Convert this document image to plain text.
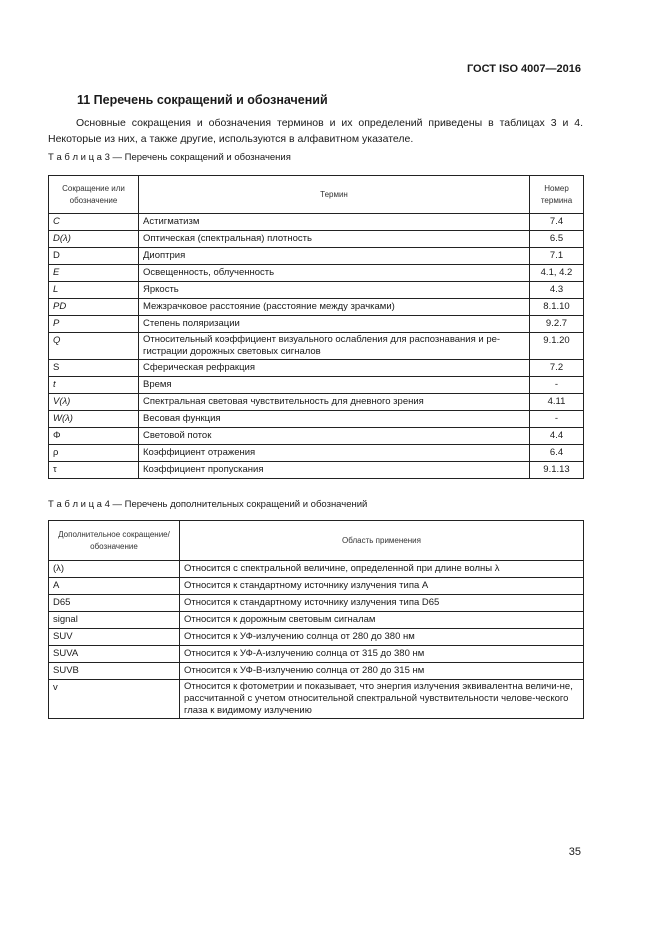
ГОСТ ISO 4007—2016
11 Перечень сокращений и обозначений

Основные сокращения и обозначения терминов и их определений приведены в таблицах 3 и 4. Некоторые из них, а также другие, используются в алфавитном указателе.

Т а б л и ц а 3 — Перечень сокращений и обозначения

Сокращение или обозначение	Термин	Номер термина
C	Астигматизм	7.4
D(λ)	Оптическая (спектральная) плотность	6.5
D	Диоптрия	7.1
E	Освещенность, облученность	4.1, 4.2
L	Яркость	4.3
PD	Межзрачковое расстояние (расстояние между зрачками)	8.1.10
P	Степень поляризации	9.2.7
Q	Относительный коэффициент визуального ослабления для распознавания и ре-гистрации дорожных световых сигналов	9.1.20
S	Сферическая рефракция	7.2
t	Время	-
V(λ)	Спектральная световая чувствительность для дневного зрения	4.11
W(λ)	Весовая функция	-
Φ	Световой поток	4.4
ρ	Коэффициент отражения	6.4
τ	Коэффициент пропускания	9.1.13

Т а б л и ц а 4 — Перечень дополнительных сокращений и обозначений

Дополнительное сокращение/обозначение	Область применения
(λ)	Относится с спектральной величине, определенной при длине волны λ
A	Относится к стандартному источнику излучения типа A
D65	Относится к стандартному источнику излучения типа D65
signal	Относится к дорожным световым сигналам
SUV	Относится к УФ-излучению солнца от 280 до 380 нм
SUVA	Относится к УФ-А-излучению солнца от 315 до 380 нм
SUVB	Относится к УФ-В-излучению солнца от 280 до 315 нм
v	Относится к фотометрии и показывает, что энергия излучения эквивалентна величи-не, рассчитанной с учетом относительной спектральной чувствительности челове-ческого глаза к видимому излучению
35
